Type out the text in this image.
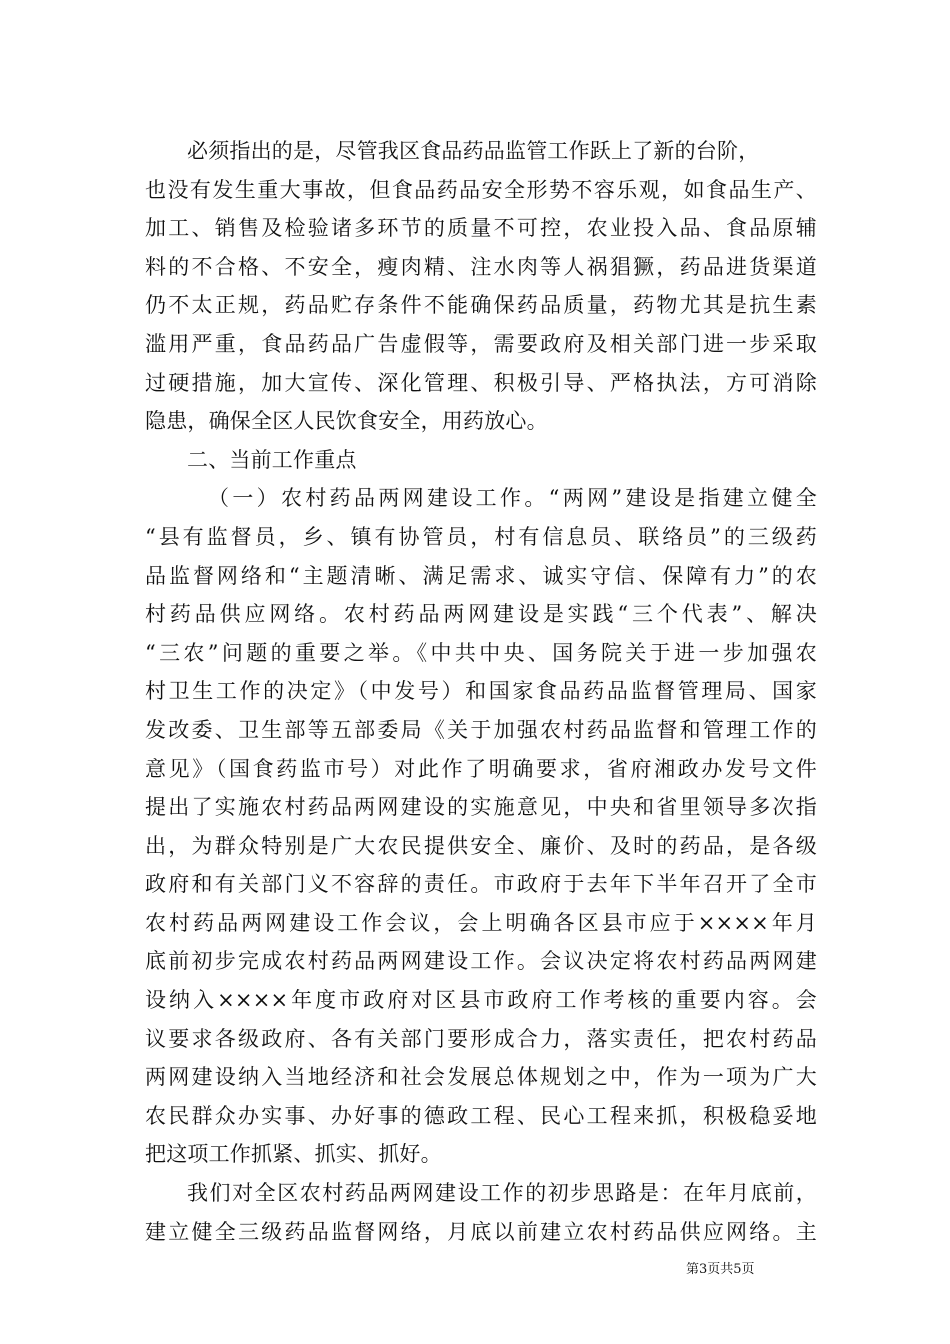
必须指出的是，尽管我区食品药品监管工作跃上了新的台阶，
也没有发生重大事故，但食品药品安全形势不容乐观，如食品生产、
加工、销售及检验诸多环节的质量不可控，农业投入品、食品原辅
料的不合格、不安全，瘦肉精、注水肉等人祸猖獗，药品进货渠道
仍不太正规，药品贮存条件不能确保药品质量，药物尤其是抗生素
滥用严重，食品药品广告虚假等，需要政府及相关部门进一步采取
过硬措施，加大宣传、深化管理、积极引导、严格执法，方可消除
隐患，确保全区人民饮食安全，用药放心。
二、当前工作重点
（一）农村药品两网建设工作。“两网”建设是指建立健全
“县有监督员，乡、镇有协管员，村有信息员、联络员”的三级药
品监督网络和“主题清晰、满足需求、诚实守信、保障有力”的农
村药品供应网络。农村药品两网建设是实践“三个代表”、解决
“三农”问题的重要之举。《中共中央、国务院关于进一步加强农
村卫生工作的决定》（中发号）和国家食品药品监督管理局、国家
发改委、卫生部等五部委局《关于加强农村药品监督和管理工作的
意见》（国食药监市号）对此作了明确要求，省府湘政办发号文件
提出了实施农村药品两网建设的实施意见，中央和省里领导多次指
出，为群众特别是广大农民提供安全、廉价、及时的药品，是各级
政府和有关部门义不容辞的责任。市政府于去年下半年召开了全市
农村药品两网建设工作会议，会上明确各区县市应于××××年月
底前初步完成农村药品两网建设工作。会议决定将农村药品两网建
设纳入××××年度市政府对区县市政府工作考核的重要内容。会
议要求各级政府、各有关部门要形成合力，落实责任，把农村药品
两网建设纳入当地经济和社会发展总体规划之中，作为一项为广大
农民群众办实事、办好事的德政工程、民心工程来抓，积极稳妥地
把这项工作抓紧、抓实、抓好。
我们对全区农村药品两网建设工作的初步思路是：在年月底前，
建立健全三级药品监督网络，月底以前建立农村药品供应网络。主
第3页共5页
